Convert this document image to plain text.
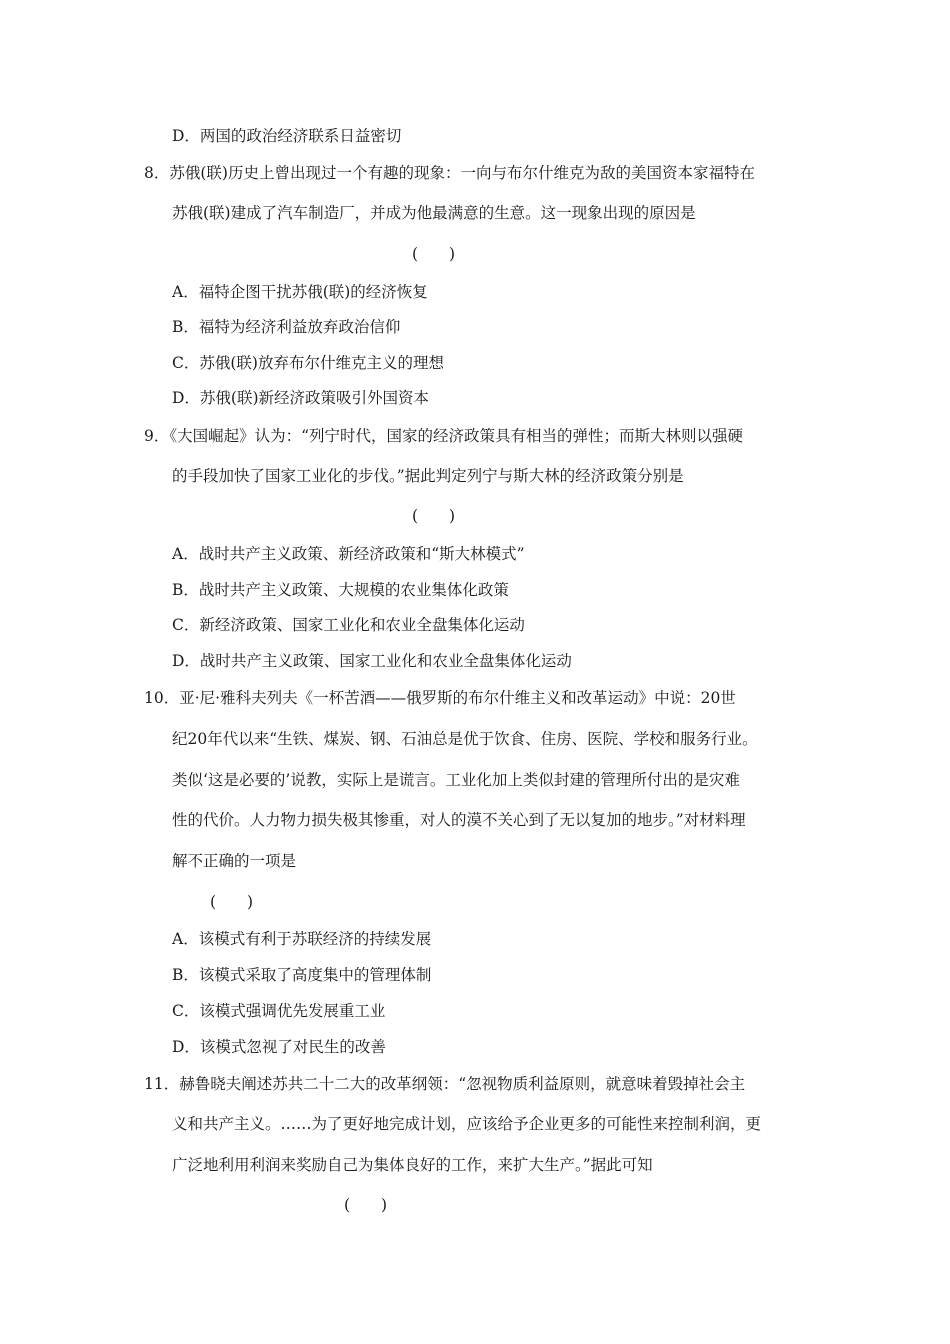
D．两国的政治经济联系日益密切
8．苏俄(联)历史上曾出现过一个有趣的现象：一向与布尔什维克为敌的美国资本家福特在
苏俄(联)建成了汽车制造厂，并成为他最满意的生意。这一现象出现的原因是
(　　)
A．福特企图干扰苏俄(联)的经济恢复
B．福特为经济利益放弃政治信仰
C．苏俄(联)放弃布尔什维克主义的理想
D．苏俄(联)新经济政策吸引外国资本
9．《大国崛起》认为：“列宁时代，国家的经济政策具有相当的弹性；而斯大林则以强硬
的手段加快了国家工业化的步伐。”据此判定列宁与斯大林的经济政策分别是
(　　)
A．战时共产主义政策、新经济政策和“斯大林模式”
B．战时共产主义政策、大规模的农业集体化政策
C．新经济政策、国家工业化和农业全盘集体化运动
D．战时共产主义政策、国家工业化和农业全盘集体化运动
10．亚·尼·雅科夫列夫《一杯苦酒——俄罗斯的布尔什维主义和改革运动》中说：20世
纪20年代以来“生铁、煤炭、钢、石油总是优于饮食、住房、医院、学校和服务行业。
类似‘这是必要的’说教，实际上是谎言。工业化加上类似封建的管理所付出的是灾难
性的代价。人力物力损失极其惨重，对人的漠不关心到了无以复加的地步。”对材料理
解不正确的一项是
(　　)
A．该模式有利于苏联经济的持续发展
B．该模式采取了高度集中的管理体制
C．该模式强调优先发展重工业
D．该模式忽视了对民生的改善
11．赫鲁晓夫阐述苏共二十二大的改革纲领：“忽视物质利益原则，就意味着毁掉社会主
义和共产主义。……为了更好地完成计划，应该给予企业更多的可能性来控制利润，更
广泛地利用利润来奖励自己为集体良好的工作，来扩大生产。”据此可知
(　　)
